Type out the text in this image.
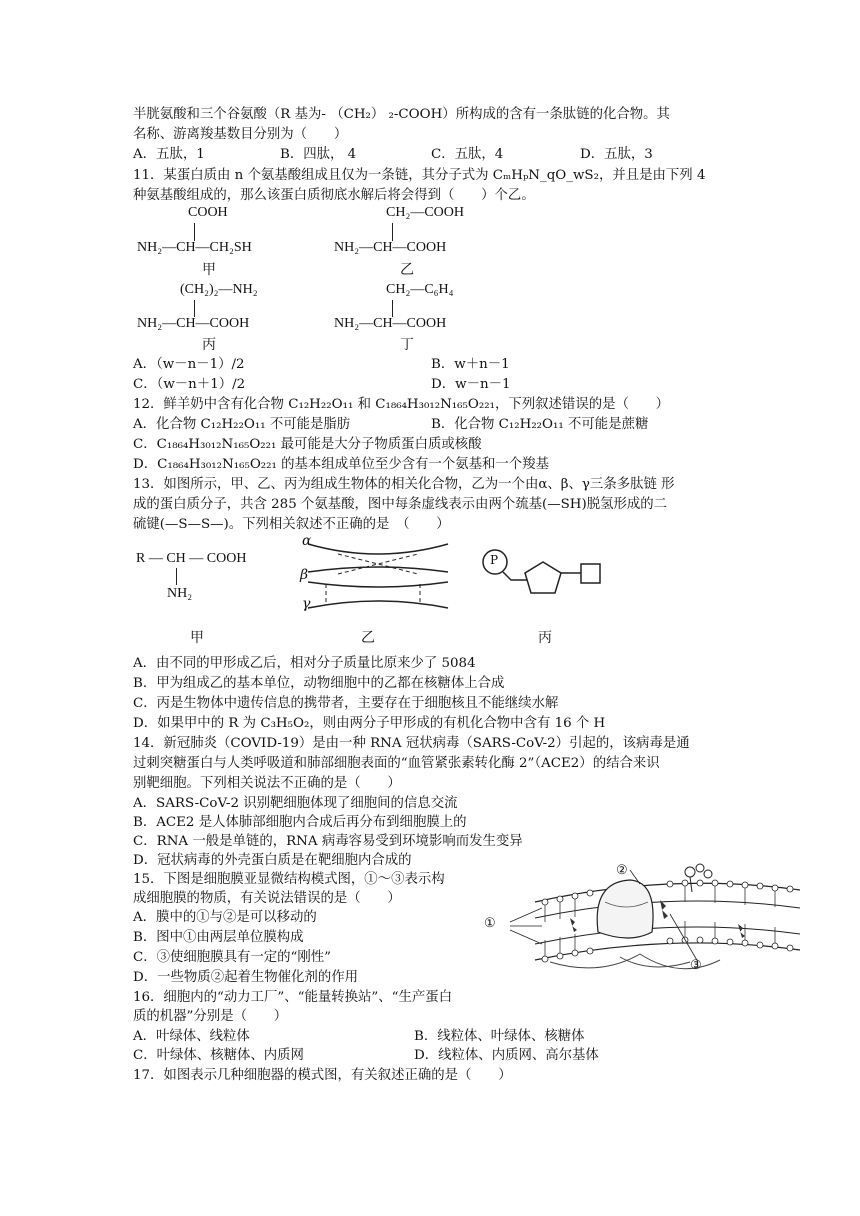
半胱氨酸和三个谷氨酸（R 基为- （CH₂） ₂-COOH）所构成的含有一条肽链的化合物。其
名称、游离羧基数目分别为（　　）
A．五肽，1	B．四肽， 4	C．五肽，4	D．五肽，3
11．某蛋白质由 n 个氨基酸组成且仅为一条链，其分子式为 CₘHₚN_qO_wS₂，并且是由下列 4
种氨基酸组成的，那么该蛋白质彻底水解后将会得到（　　）个乙。
COOH
NH₂—CH—CH₂SH
甲
CH₂—COOH
NH₂—CH—COOH
乙
(CH₂)₂—NH₂
NH₂—CH—COOH
丙
CH₂—C₆H₄
NH₂—CH—COOH
丁
A．（w－n－1）/2	B．w＋n－1
C．（w－n＋1）/2	D．w－n－1
12．鲜羊奶中含有化合物 C₁₂H₂₂O₁₁ 和 C₁₈₆₄H₃₀₁₂N₁₆₅O₂₂₁，下列叙述错误的是（　　）
A．化合物 C₁₂H₂₂O₁₁ 不可能是脂肪	B．化合物 C₁₂H₂₂O₁₁ 不可能是蔗糖
C．C₁₈₆₄H₃₀₁₂N₁₆₅O₂₂₁ 最可能是大分子物质蛋白质或核酸
D．C₁₈₆₄H₃₀₁₂N₁₆₅O₂₂₁ 的基本组成单位至少含有一个氨基和一个羧基
13．如图所示，甲、乙、丙为组成生物体的相关化合物，乙为一个由α、β、γ三条多肽链 形
成的蛋白质分子，共含 285 个氨基酸，图中每条虚线表示由两个巯基(—SH)脱氢形成的二
硫键(—S—S—)。下列相关叙述不正确的是　（　　）
R — CH — COOH
NH₂
α
β
γ
P
甲	乙	丙
A．由不同的甲形成乙后，相对分子质量比原来少了 5084
B．甲为组成乙的基本单位，动物细胞中的乙都在核糖体上合成
C．丙是生物体中遗传信息的携带者，主要存在于细胞核且不能继续水解
D．如果甲中的 R 为 C₃H₅O₂，则由两分子甲形成的有机化合物中含有 16 个 H
14．新冠肺炎（COVID-19）是由一种 RNA 冠状病毒（SARS-CoV-2）引起的，该病毒是通
过刺突糖蛋白与人类呼吸道和肺部细胞表面的“血管紧张素转化酶 2”（ACE2）的结合来识
别靶细胞。下列相关说法不正确的是（　　）
A．SARS-CoV-2 识别靶细胞体现了细胞间的信息交流
B．ACE2 是人体肺部细胞内合成后再分布到细胞膜上的
C．RNA 一般是单链的，RNA 病毒容易受到环境影响而发生变异
D．冠状病毒的外壳蛋白质是在靶细胞内合成的
15．下图是细胞膜亚显微结构模式图，①～③表示构
成细胞膜的物质，有关说法错误的是（　　）
A．膜中的①与②是可以移动的
B．图中①由两层单位膜构成
C．③使细胞膜具有一定的“刚性”
D．一些物质②起着生物催化剂的作用
①
②
③
16．细胞内的“动力工厂”、“能量转换站”、“生产蛋白
质的机器”分别是（　　）
A．叶绿体、线粒体	B．线粒体、叶绿体、核糖体
C．叶绿体、核糖体、内质网	D．线粒体、内质网、高尔基体
17．如图表示几种细胞器的模式图，有关叙述正确的是（　　）
